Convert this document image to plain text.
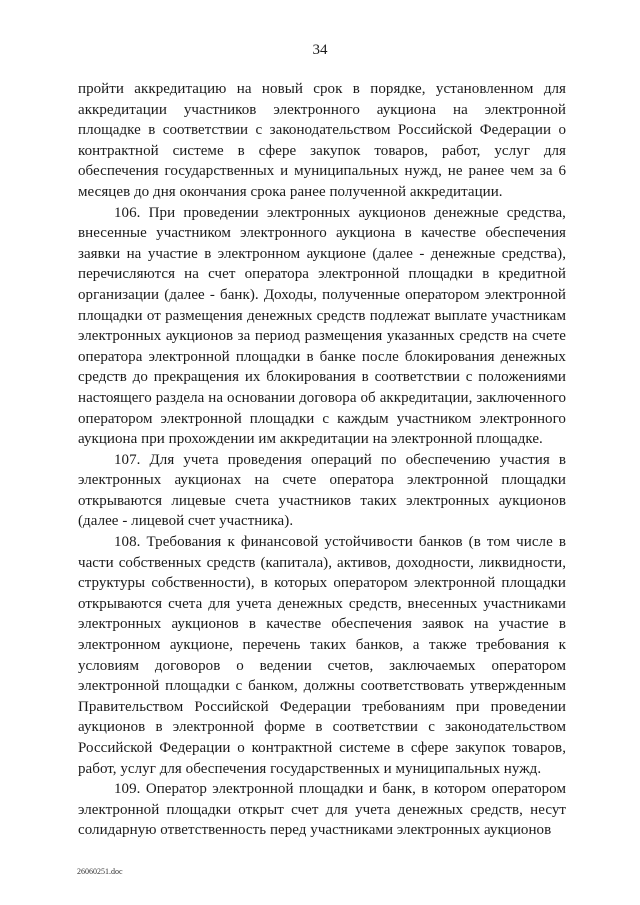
34

пройти аккредитацию на новый срок в порядке, установленном для аккредитации участников электронного аукциона на электронной площадке в соответствии с законодательством Российской Федерации о контрактной системе в сфере закупок товаров, работ, услуг для обеспечения государственных и муниципальных нужд, не ранее чем за 6 месяцев до дня окончания срока ранее полученной аккредитации.

106. При проведении электронных аукционов денежные средства, внесенные участником электронного аукциона в качестве обеспечения заявки на участие в электронном аукционе (далее - денежные средства), перечисляются на счет оператора электронной площадки в кредитной организации (далее - банк). Доходы, полученные оператором электронной площадки от размещения денежных средств подлежат выплате участникам электронных аукционов за период размещения указанных средств на счете оператора электронной площадки в банке после блокирования денежных средств до прекращения их блокирования в соответствии с положениями настоящего раздела на основании договора об аккредитации, заключенного оператором электронной площадки с каждым участником электронного аукциона при прохождении им аккредитации на электронной площадке.

107. Для учета проведения операций по обеспечению участия в электронных аукционах на счете оператора электронной площадки открываются лицевые счета участников таких электронных аукционов (далее - лицевой счет участника).

108. Требования к финансовой устойчивости банков (в том числе в части собственных средств (капитала), активов, доходности, ликвидности, структуры собственности), в которых оператором электронной площадки открываются счета для учета денежных средств, внесенных участниками электронных аукционов в качестве обеспечения заявок на участие в электронном аукционе, перечень таких банков, а также требования к условиям договоров о ведении счетов, заключаемых оператором электронной площадки с банком, должны соответствовать утвержденным Правительством Российской Федерации требованиям при проведении аукционов в электронной форме в соответствии с законодательством Российской Федерации о контрактной системе в сфере закупок товаров, работ, услуг для обеспечения государственных и муниципальных нужд.

109. Оператор электронной площадки и банк, в котором оператором электронной площадки открыт счет для учета денежных средств, несут солидарную ответственность перед участниками электронных аукционов

26060251.doc
